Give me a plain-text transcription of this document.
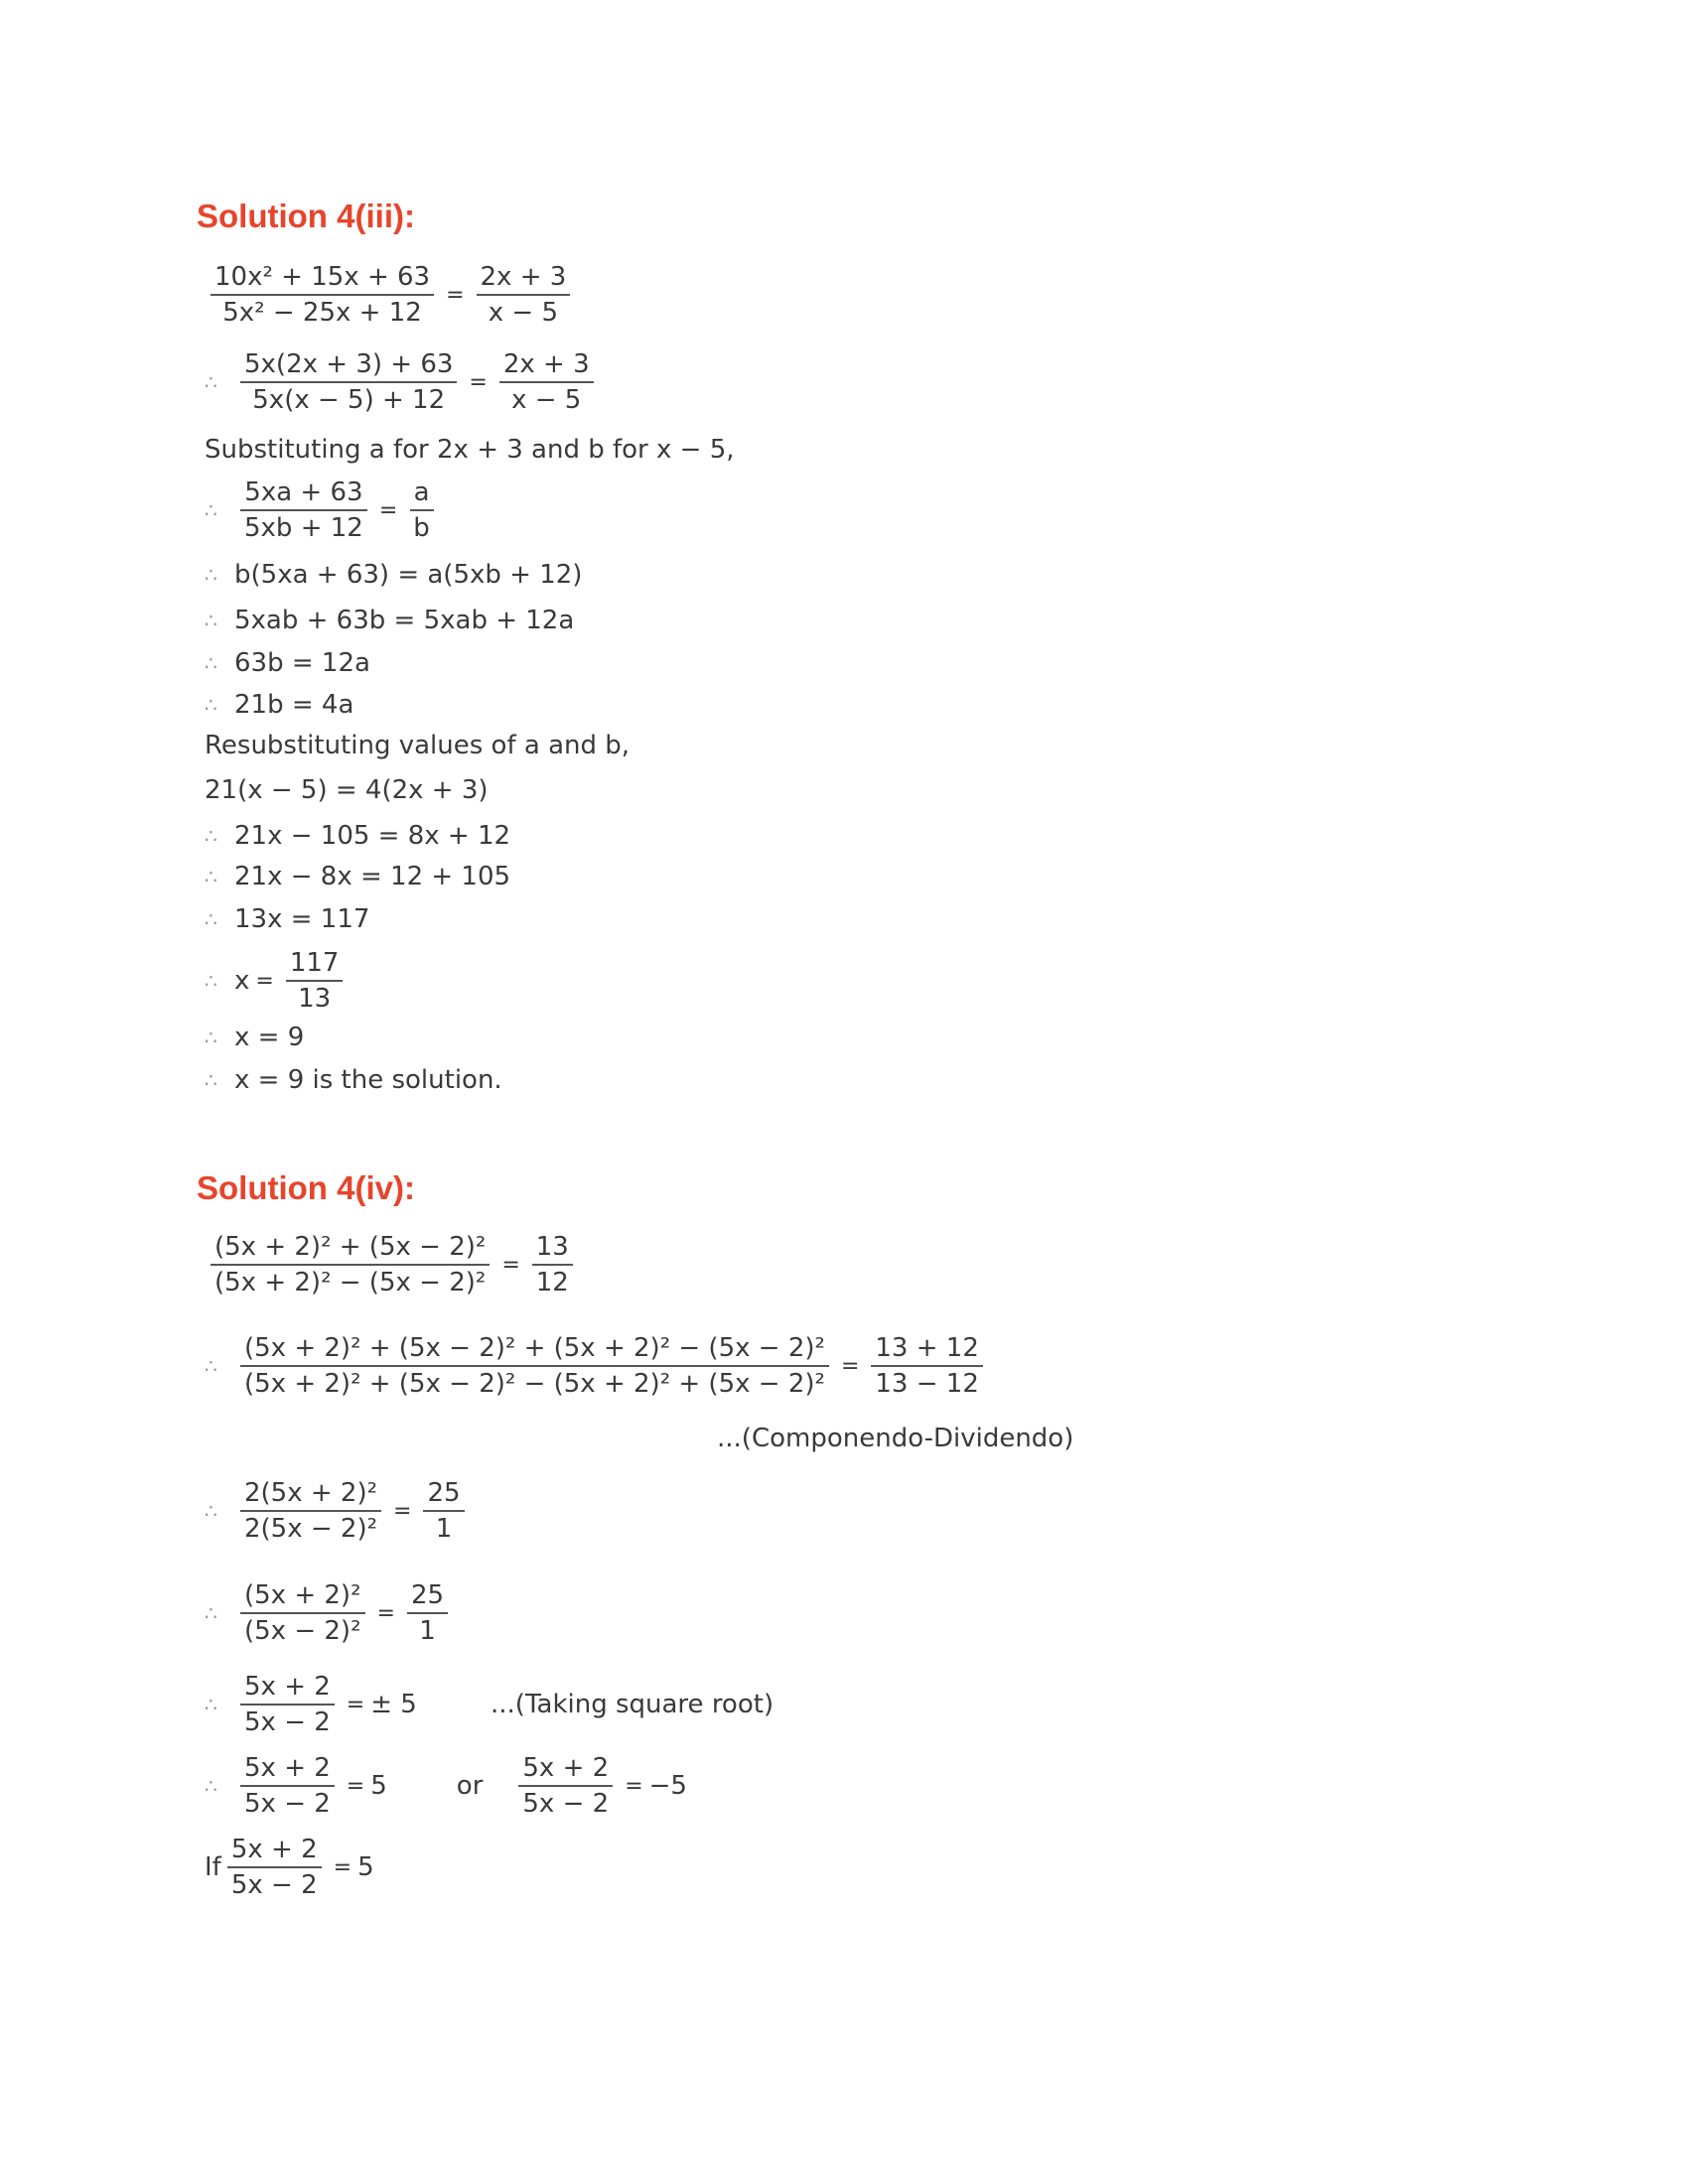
Solution 4(iii):
$\frac{\text{10x² + 15x + 63}}{\text{5x² − 25x + 12}} = \frac{2x + 3}{x - 5}$
∴ $\frac{5x(2x + 3) + 63}{5x(x - 5) + 12} = \frac{2x + 3}{x - 5}$
Substituting a for 2x + 3 and b for x − 5,
∴ $\frac{5xa + 63}{5xb + 12} = \frac{a}{b}$
∴ b(5xa + 63) = a(5xb + 12)
∴ 5xab + 63b = 5xab + 12a
∴ 63b = 12a
∴ 21b = 4a
Resubstituting values of a and b,
21(x − 5) = 4(2x + 3)
∴ 21x − 105 = 8x + 12
∴ 21x − 8x = 12 + 105
∴ 13x = 117
∴ $x = \frac{117}{13}$
∴ x = 9
∴ x = 9 is the solution.
Solution 4(iv):
$\frac{\text{(5x + 2)² + (5x − 2)²}}{\text{(5x + 2)² − (5x − 2)²}} = \frac{13}{12}$
∴ $\frac{\text{(5x + 2)² + (5x − 2)² + (5x + 2)² − (5x − 2)²}}{\text{(5x + 2)² + (5x − 2)² − (5x + 2)² + (5x − 2)²}} = \frac{13 + 12}{13 - 12}$
...(Componendo-Dividendo)
∴ $\frac{\text{2(5x + 2)²}}{\text{2(5x − 2)²}} = \frac{25}{1}$
∴ $\frac{\text{(5x + 2)²}}{\text{(5x − 2)²}} = \frac{25}{1}$
∴ $\frac{5x + 2}{5x - 2}$ = ± 5	...(Taking square root)
∴ $\frac{5x + 2}{5x - 2} = 5$	or $\frac{5x + 2}{5x - 2} = -5$
If $\frac{5x + 2}{5x - 2} = 5$
